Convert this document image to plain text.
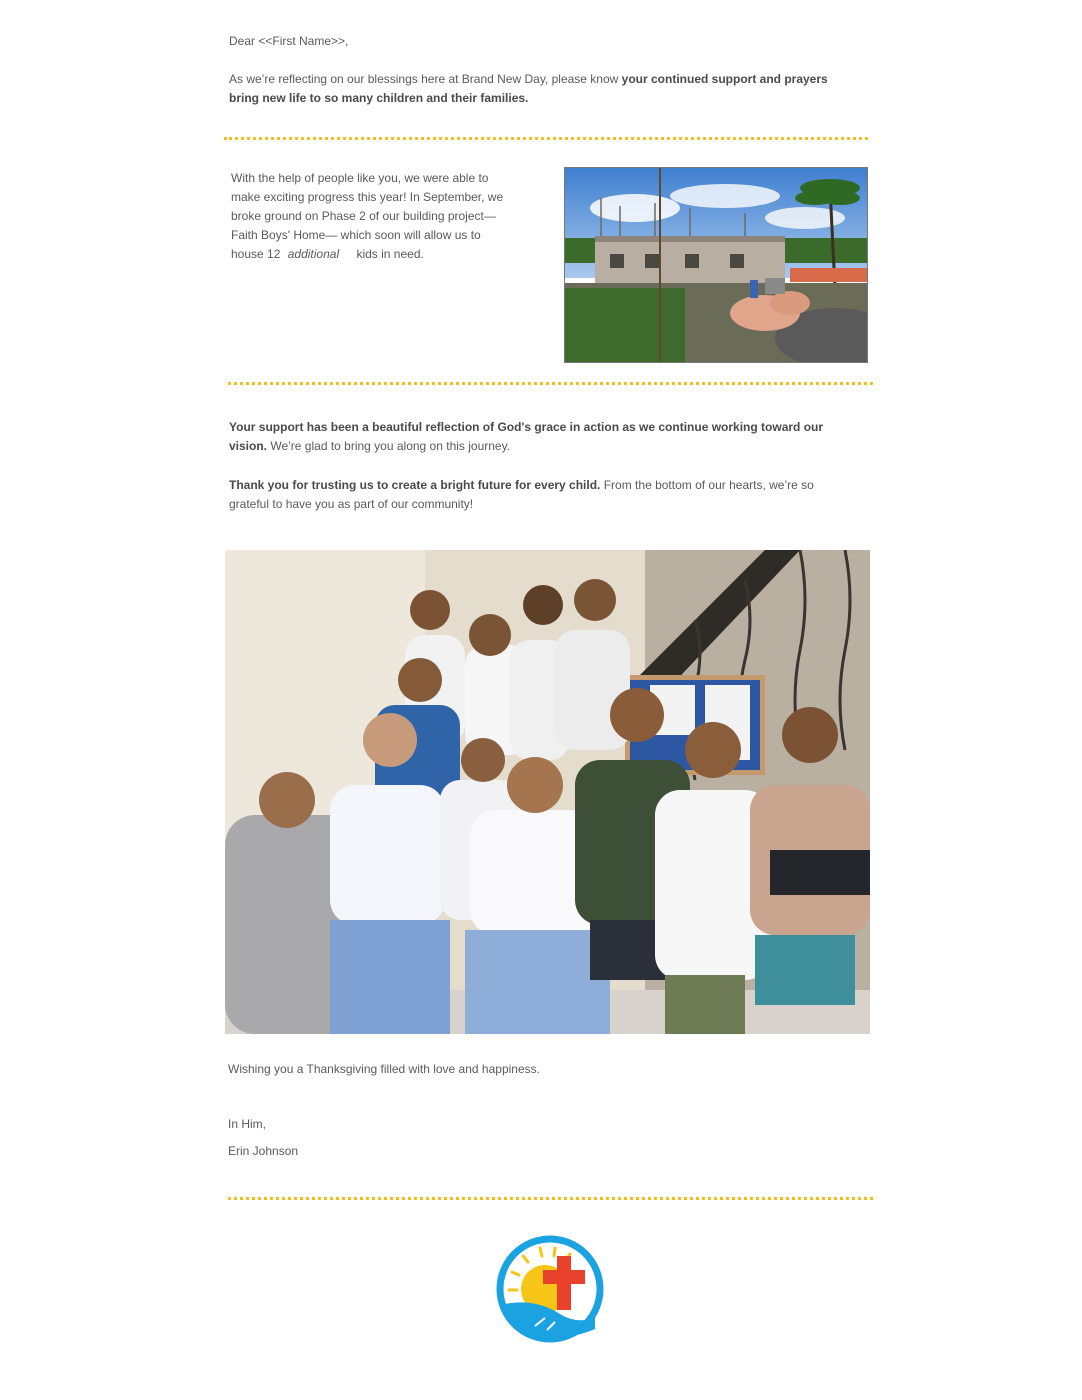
Dear <<First Name>>,

As we’re reflecting on our blessings here at Brand New Day, please know your continued support and prayers bring new life to so many children and their families.

With the help of people like you, we were able to
make exciting progress this year! In September, we
broke ground on Phase 2 of our building project—
Faith Boys' Home— which soon will allow us to
house 12 additional kids in need.

Your support has been a beautiful reflection of God's grace in action as we continue working toward our vision. We’re glad to bring you along on this journey.

Thank you for trusting us to create a bright future for every child. From the bottom of our hearts, we’re so grateful to have you as part of our community!

Wishing you a Thanksgiving filled with love and happiness.

In Him,

Erin Johnson
